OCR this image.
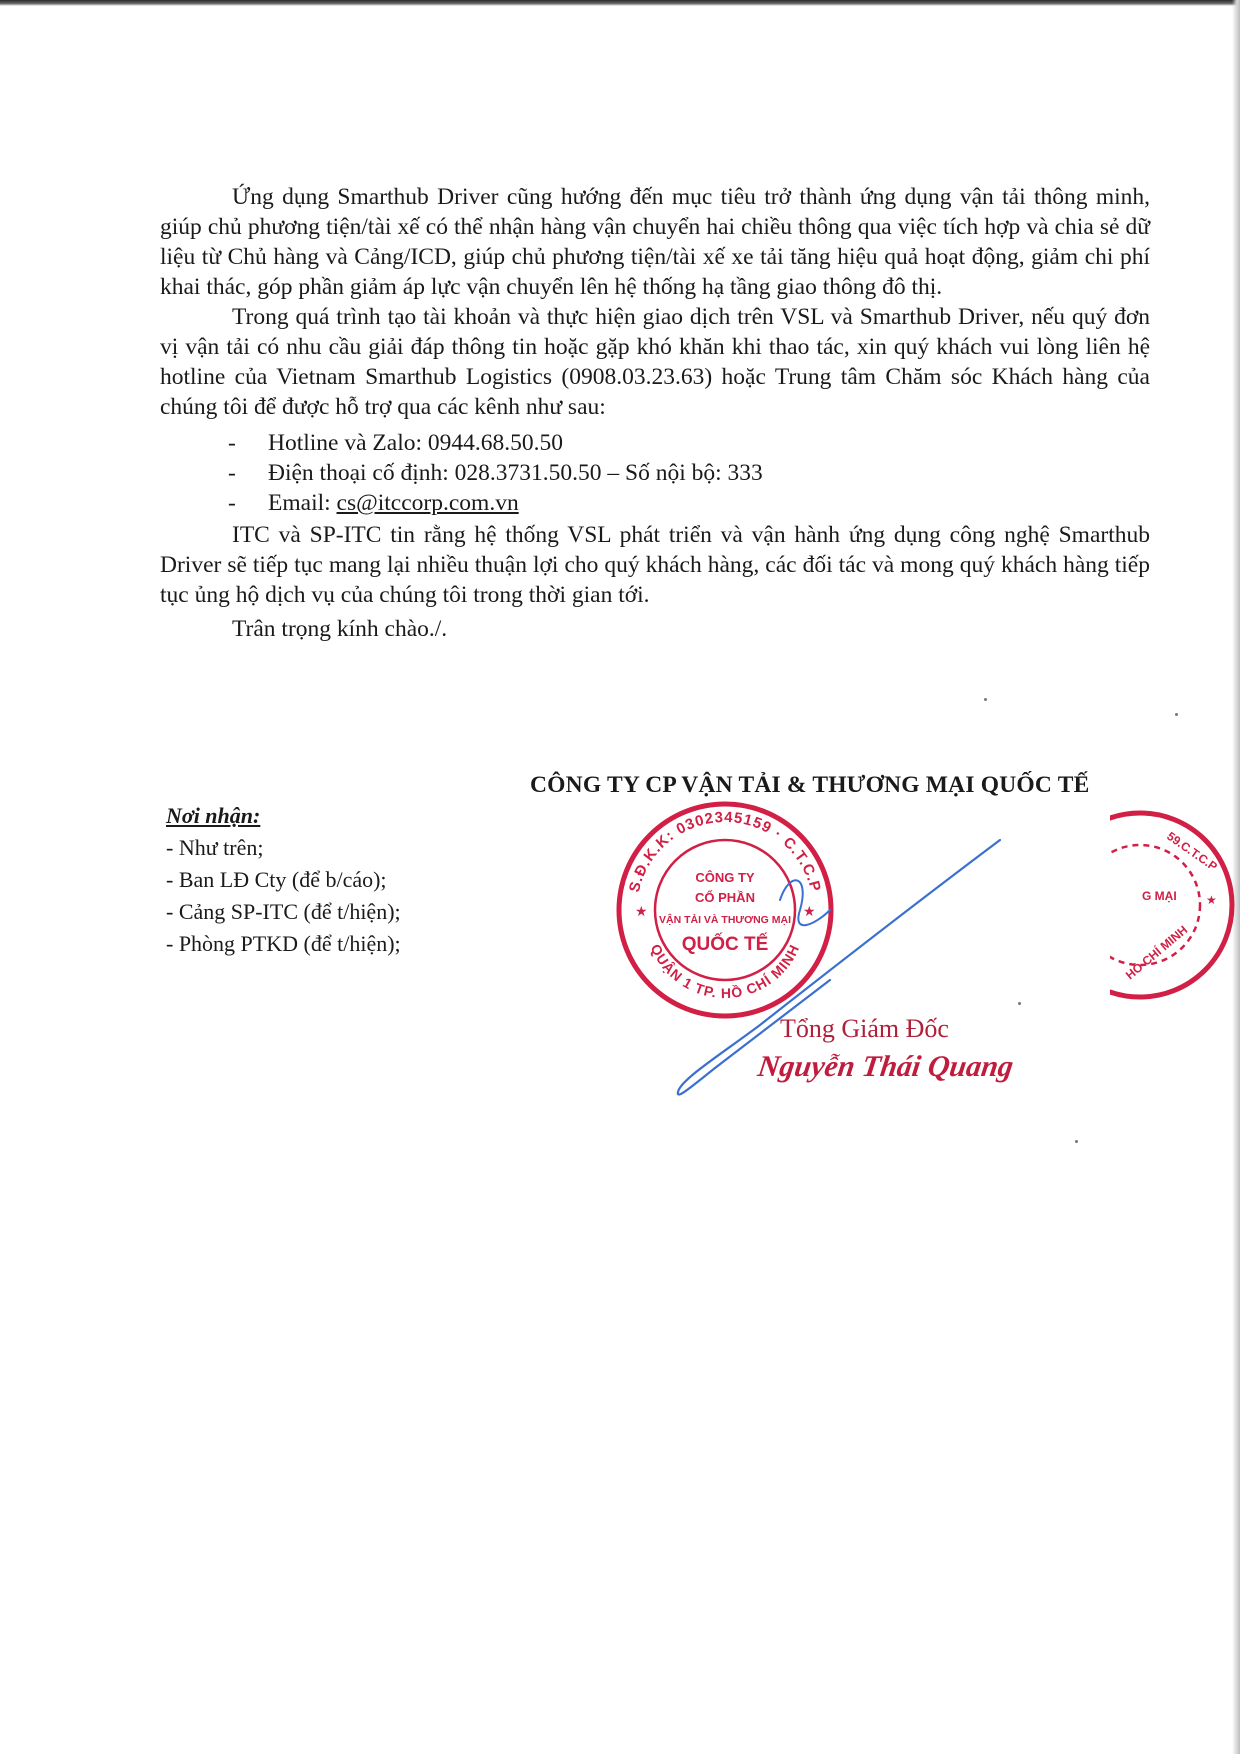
Ứng dụng Smarthub Driver cũng hướng đến mục tiêu trở thành ứng dụng vận tải thông minh, giúp chủ phương tiện/tài xế có thể nhận hàng vận chuyển hai chiều thông qua việc tích hợp và chia sẻ dữ liệu từ Chủ hàng và Cảng/ICD, giúp chủ phương tiện/tài xế xe tải tăng hiệu quả hoạt động, giảm chi phí khai thác, góp phần giảm áp lực vận chuyển lên hệ thống hạ tầng giao thông đô thị.

Trong quá trình tạo tài khoản và thực hiện giao dịch trên VSL và Smarthub Driver, nếu quý đơn vị vận tải có nhu cầu giải đáp thông tin hoặc gặp khó khăn khi thao tác, xin quý khách vui lòng liên hệ hotline của Vietnam Smarthub Logistics (0908.03.23.63) hoặc Trung tâm Chăm sóc Khách hàng của chúng tôi để được hỗ trợ qua các kênh như sau:

- Hotline và Zalo: 0944.68.50.50
- Điện thoại cố định: 028.3731.50.50 – Số nội bộ: 333
- Email: cs@itccorp.com.vn

ITC và SP-ITC tin rằng hệ thống VSL phát triển và vận hành ứng dụng công nghệ Smarthub Driver sẽ tiếp tục mang lại nhiều thuận lợi cho quý khách hàng, các đối tác và mong quý khách hàng tiếp tục ủng hộ dịch vụ của chúng tôi trong thời gian tới.

Trân trọng kính chào./.

CÔNG TY CP VẬN TẢI & THƯƠNG MẠI QUỐC TẾ
Nơi nhận:
- Như trên;
- Ban LĐ Cty (để b/cáo);
- Cảng SP-ITC (để t/hiện);
- Phòng PTKD (để t/hiện);
S.Đ.K.K: 0302345159 · C.T.C.P
QUẬN 1 TP. HỒ CHÍ MINH
★	★
CÔNG TY
CỔ PHẦN
VẬN TẢI VÀ THƯƠNG MẠI
QUỐC TẾ
59.C.T.C.P
G MẠI ★
HỒ CHÍ MINH
Tổng Giám Đốc
Nguyễn Thái Quang
